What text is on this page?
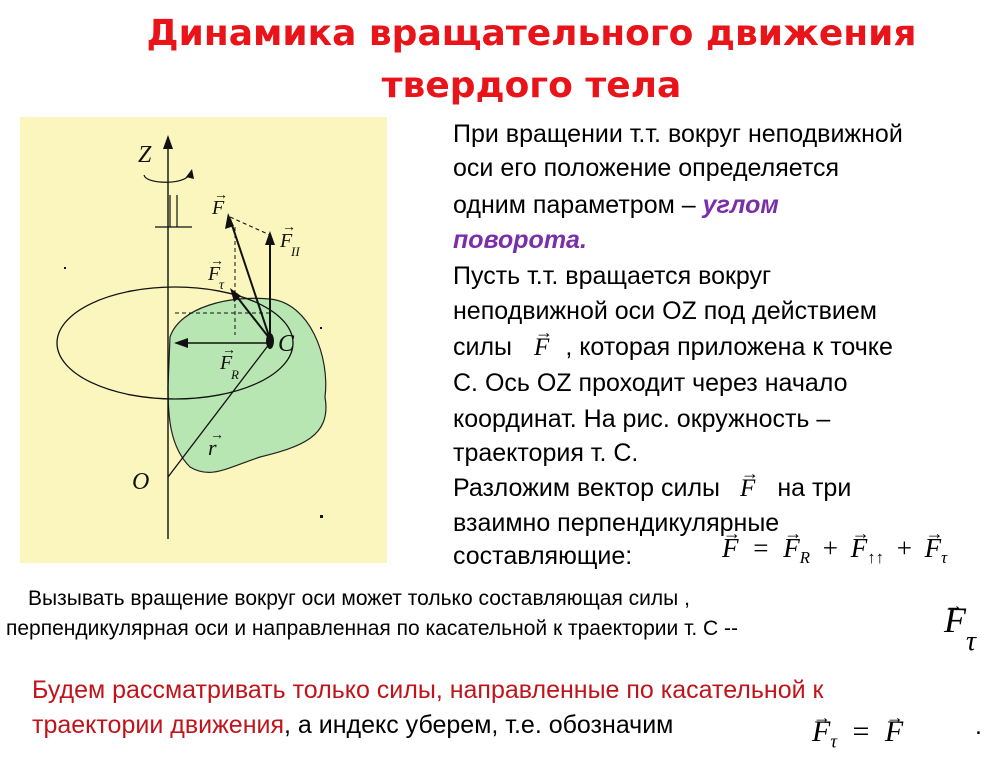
Динамика вращательного движения
твердого тела
Z
O
C
r
F
→
F
→
II
F
→
τ
F
→
R
→
При вращении т.т. вокруг неподвижной
оси его положение определяется
одним параметром – углом
поворота.
Пусть т.т. вращается вокруг
неподвижной оси OZ под действием
силы → F , которая приложена к точке
С. Ось OZ проходит через начало
координат. На рис. окружность –
траектория т. С.
Разложим вектор силы → F на три
взаимно перпендикулярные
составляющие:	→ F = → $F_R$ + → $F_{↑↑}$ + → $F_\tau$
Вызывать вращение вокруг оси может только составляющая силы ,
перпендикулярная оси и направленная по касательной к траектории т. С --	→ $F_\tau$
Будем рассматривать только силы, направленные по касательной к
траектории движения, а индекс уберем, т.е. обозначим	→ $F_\tau$ = → F	.
